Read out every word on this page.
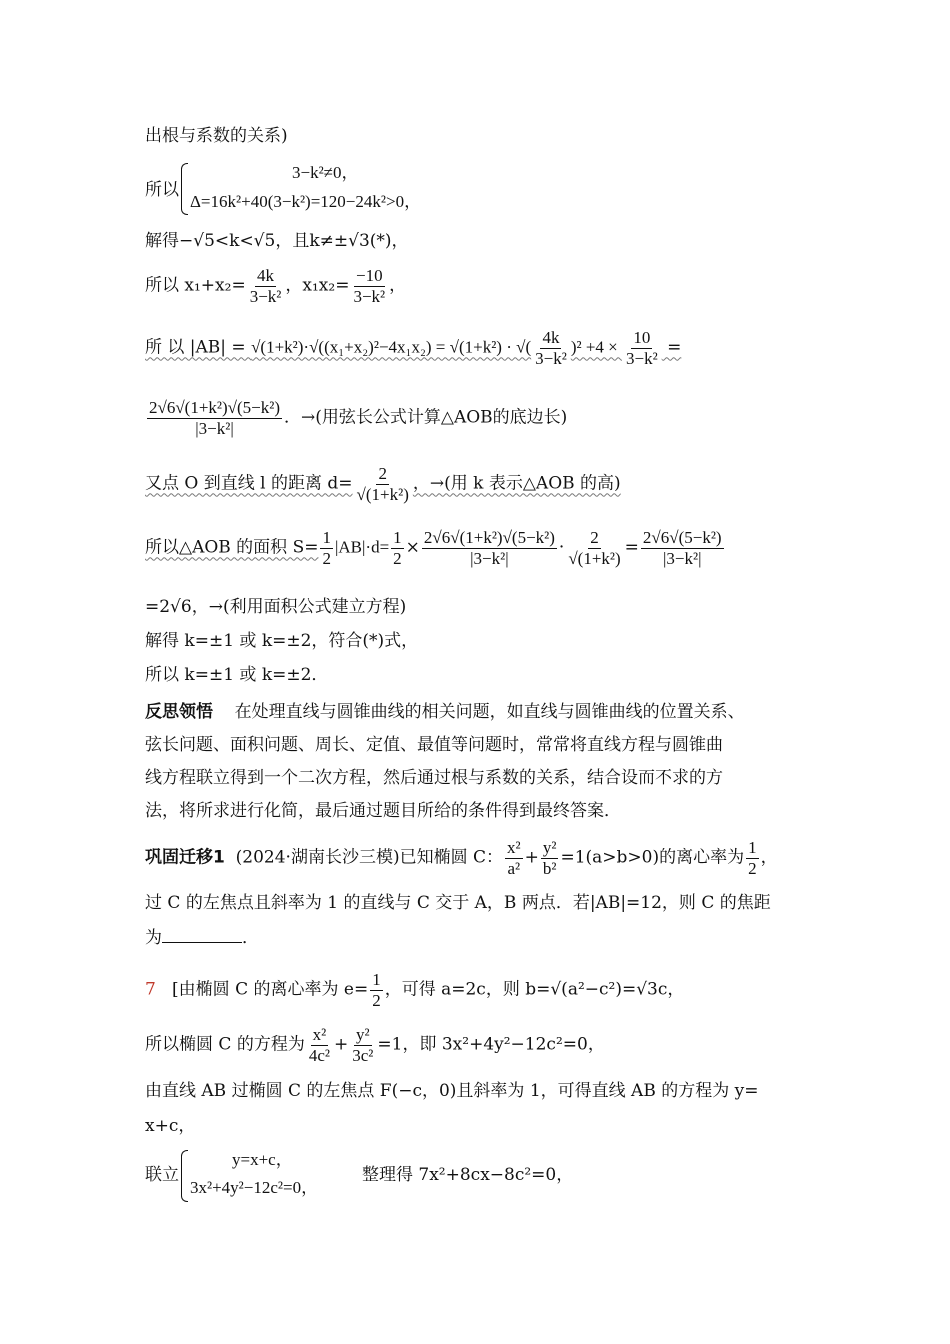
出根与系数的关系)
所以
3−k²≠0，
Δ=16k²+40(3−k²)=120−24k²>0，
解得−√5<k<√5，且k≠±√3(*)，
所以 $x_1+x_2= \frac{4k}{\text{3−k²}}$ ，$x_1x_2= \frac{-10}{\text{3−k²}}$ ，
所 以 |AB| = √(1+k²)·√((x₁+x₂)²−4x₁x₂) = √(1+k²) · √( $\frac{4k}{\text{3−k²}} )^2 +4 \times \frac{10}{\text{3−k²}}$ =
$\frac{\text{2√6√(1+k²)√(5−k²)}}{\text{|3−k²|}}$ ．→(用弦长公式计算△AOB的底边长)
又点 O 到直线 l 的距离 $d= \frac{2}{\text{√(1+k²)}}$ ，→(用 k 表示△AOB 的高)
所以△AOB 的面积 $S= \frac{1}{2} |AB|\cdot d= \frac{1}{2} \times \frac{\text{2√6√(1+k²)√(5−k²)}}{\text{|3−k²|}} \cdot \frac{2}{\text{√(1+k²)}} = \frac{\text{2√6√(5−k²)}}{\text{|3−k²|}}$
=2√6，→(利用面积公式建立方程)
解得 k=±1 或 k=±2，符合(*)式，
所以 k=±1 或 k=±2．
反思领悟 在处理直线与圆锥曲线的相关问题，如直线与圆锥曲线的位置关系、
弦长问题、面积问题、周长、定值、最值等问题时，常常将直线方程与圆锥曲
线方程联立得到一个二次方程，然后通过根与系数的关系，结合设而不求的方
法，将所求进行化简，最后通过题目所给的条件得到最终答案．
巩固迁移1 (2024·湖南长沙三模)已知椭圆 C： $\frac{\text{x²}}{\text{a²}} + \frac{\text{y²}}{\text{b²}} =1(a>b>0)$的离心率为 $\frac{1}{2}$ ，
过 C 的左焦点且斜率为 1 的直线与 C 交于 A，B 两点．若|AB|=12，则 C 的焦距
为	．
7 [由椭圆 C 的离心率为 $e= \frac{1}{2}$ ，可得 a=2c，则 b=√(a²−c²)=√3c，
所以椭圆 C 的方程为 $\frac{\text{x²}}{\text{4c²}} + \frac{\text{y²}}{\text{3c²}} =1$，即 3x²+4y²−12c²=0，
由直线 AB 过椭圆 C 的左焦点 F(−c，0)且斜率为 1，可得直线 AB 的方程为 y=
x+c，
联立
y=x+c，
3x²+4y²−12c²=0，
整理得 7x²+8cx−8c²=0，
